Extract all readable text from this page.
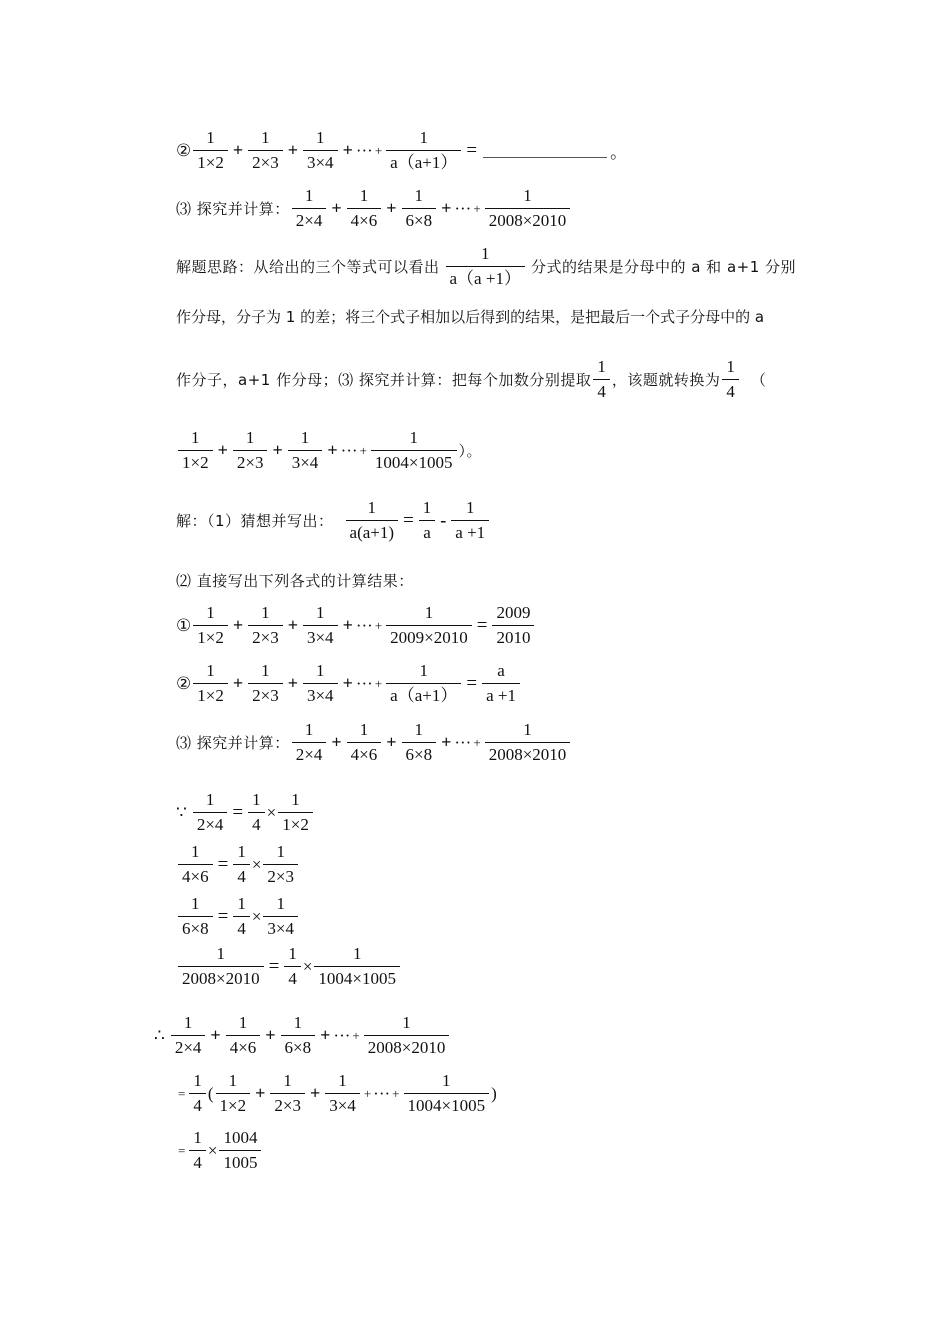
② $\frac{1}{1\times 2} + \frac{1}{2\times 3} + \frac{1}{3\times 4}$ + ··· + $\frac{1}{a(a+1)}$ =	。
⑶ 探究并计算： $\frac{1}{2\times 4} + \frac{1}{4\times 6} + \frac{1}{6\times 8}$ + ··· + $\frac{1}{2008\times 2010}$
解题思路：从给出的三个等式可以看出 $\frac{1}{a(a +1)}$ 分式的结果是分母中的 a 和 a+1 分别
作分母，分子为 1 的差；将三个式子相加以后得到的结果，是把最后一个式子分母中的 a
作分子，a+1 作分母；⑶ 探究并计算：把每个加数分别提取 $\frac{1}{4}$ ，该题就转换为 $\frac{1}{4}$ （
$\frac{1}{1\times 2} + \frac{1}{2\times 3} + \frac{1}{3\times 4}$ + ··· + $\frac{1}{1004\times 1005}$ ）。
解：（1）猜想并写出： $\frac{1}{a(a+1)} = \frac{1}{a} - \frac{1}{a +1}$
⑵ 直接写出下列各式的计算结果：
① $\frac{1}{1\times 2} + \frac{1}{2\times 3} + \frac{1}{3\times 4}$ + ··· + $\frac{1}{2009\times 2010} = \frac{2009}{2010}$
② $\frac{1}{1\times 2} + \frac{1}{2\times 3} + \frac{1}{3\times 4}$ + ··· + $\frac{1}{a(a+1)} = \frac{a}{a +1}$
⑶ 探究并计算： $\frac{1}{2\times 4} + \frac{1}{4\times 6} + \frac{1}{6\times 8}$ + ··· + $\frac{1}{2008\times 2010}$
∵ $\frac{1}{2\times 4} = \frac{1}{4} \times \frac{1}{1\times 2}$
$\frac{1}{4\times 6} = \frac{1}{4} \times \frac{1}{2\times 3}$
$\frac{1}{6\times 8} = \frac{1}{4} \times \frac{1}{3\times 4}$
$\frac{1}{2008\times 2010} = \frac{1}{4} \times \frac{1}{1004\times 1005}$
∴ $\frac{1}{2\times 4} + \frac{1}{4\times 6} + \frac{1}{6\times 8}$ + ··· + $\frac{1}{2008\times 2010}$
= $\frac{1}{4}$ ( $\frac{1}{1\times 2} + \frac{1}{2\times 3} + \frac{1}{3\times 4}$ + ··· + $\frac{1}{1004\times 1005}$ )
= $\frac{1}{4} \times \frac{1004}{1005}$
